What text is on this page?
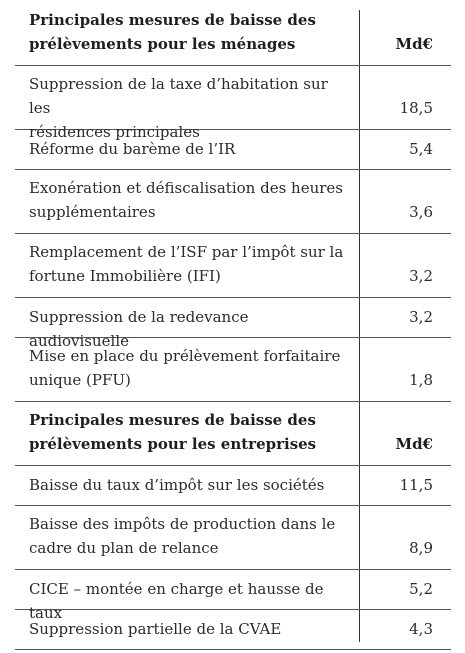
Principales mesures de baisse des
prélèvements pour les ménages	Md€
Suppression de la taxe d’habitation sur les
résidences principales
18,5
Réforme du barème de l’IR	5,4
Exonération et défiscalisation des heures
supplémentaires	3,6
Remplacement de l’ISF par l’impôt sur la
fortune Immobilière (IFI)	3,2
Suppression de la redevance audiovisuelle
3,2
Mise en place du prélèvement forfaitaire
unique (PFU)	1,8
Principales mesures de baisse des
prélèvements pour les entreprises	Md€
Baisse du taux d’impôt sur les sociétés	11,5
Baisse des impôts de production dans le
cadre du plan de relance	8,9
CICE – montée en charge et hausse de taux
5,2
Suppression partielle de la CVAE	4,3
